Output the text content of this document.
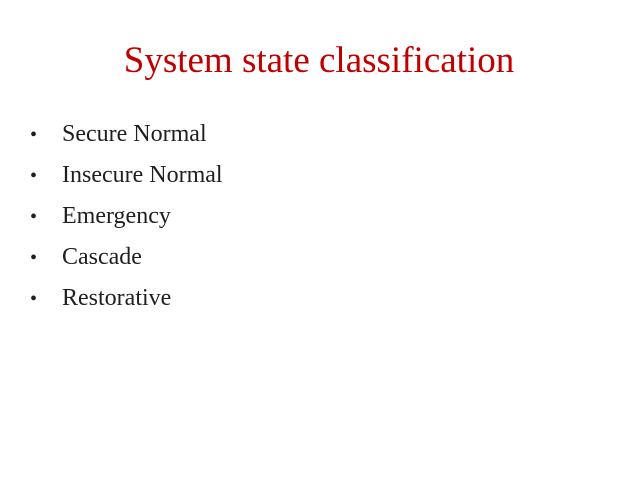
System state classification
•	Secure Normal
•	Insecure Normal
•	Emergency
•	Cascade
•	Restorative
